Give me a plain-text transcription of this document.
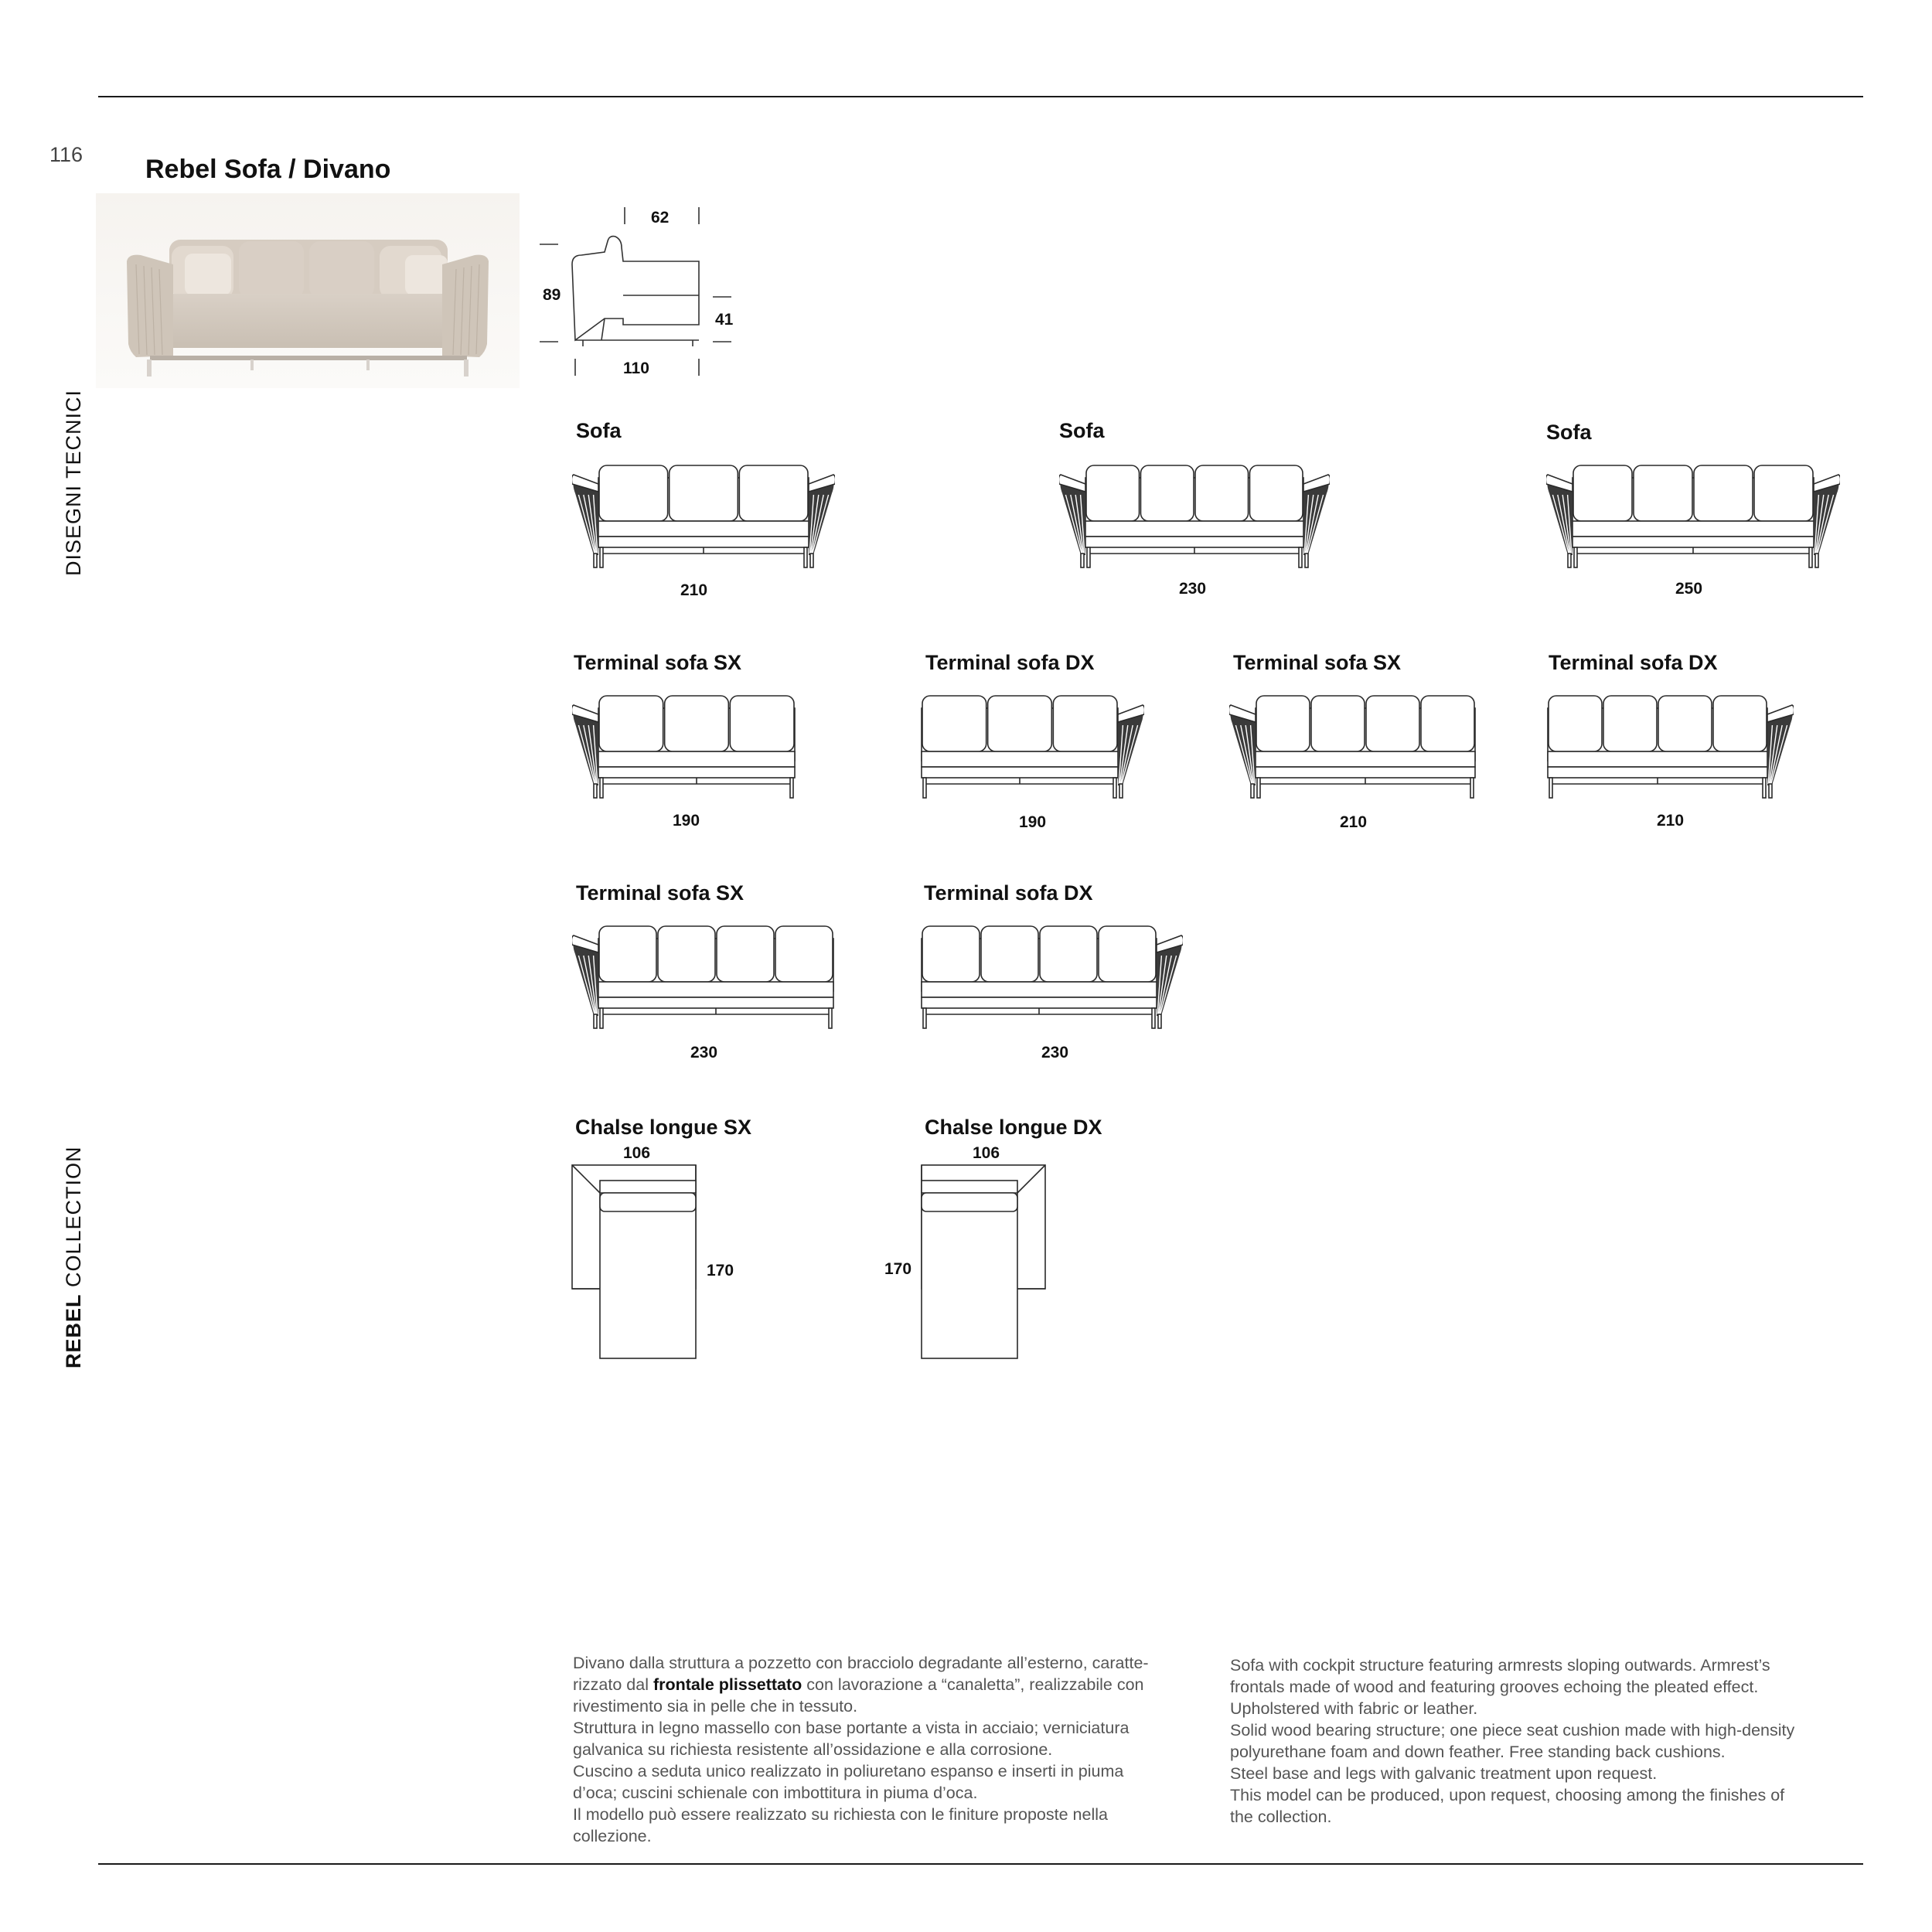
116 Rebel Sofa / Divano
DISEGNI TECNICI
REBEL COLLECTION
62
89
41
110
Sofa	Sofa	Sofa
Terminal sofa SX	Terminal sofa DX	Terminal sofa SX	Terminal sofa DX
Terminal sofa SX	Terminal sofa DX
210	230	250
190	190	210	210
230	230
Chalse longue SX	Chalse longue DX
106	106
170	170
Divano dalla struttura a pozzetto con bracciolo degradante all’esterno, caratte-
rizzato dal frontale plissettato con lavorazione a “canaletta”, realizzabile con
rivestimento sia in pelle che in tessuto.
Struttura in legno massello con base portante a vista in acciaio; verniciatura
galvanica su richiesta resistente all’ossidazione e alla corrosione.
Cuscino a seduta unico realizzato in poliuretano espanso e inserti in piuma
d’oca; cuscini schienale con imbottitura in piuma d’oca.
Il modello può essere realizzato su richiesta con le finiture proposte nella
collezione.
Sofa with cockpit structure featuring armrests sloping outwards. Armrest’s
frontals made of wood and featuring grooves echoing the pleated effect.
Upholstered with fabric or leather.
Solid wood bearing structure; one piece seat cushion made with high-density
polyurethane foam and down feather. Free standing back cushions.
Steel base and legs with galvanic treatment upon request.
This model can be produced, upon request, choosing among the finishes of
the collection.
